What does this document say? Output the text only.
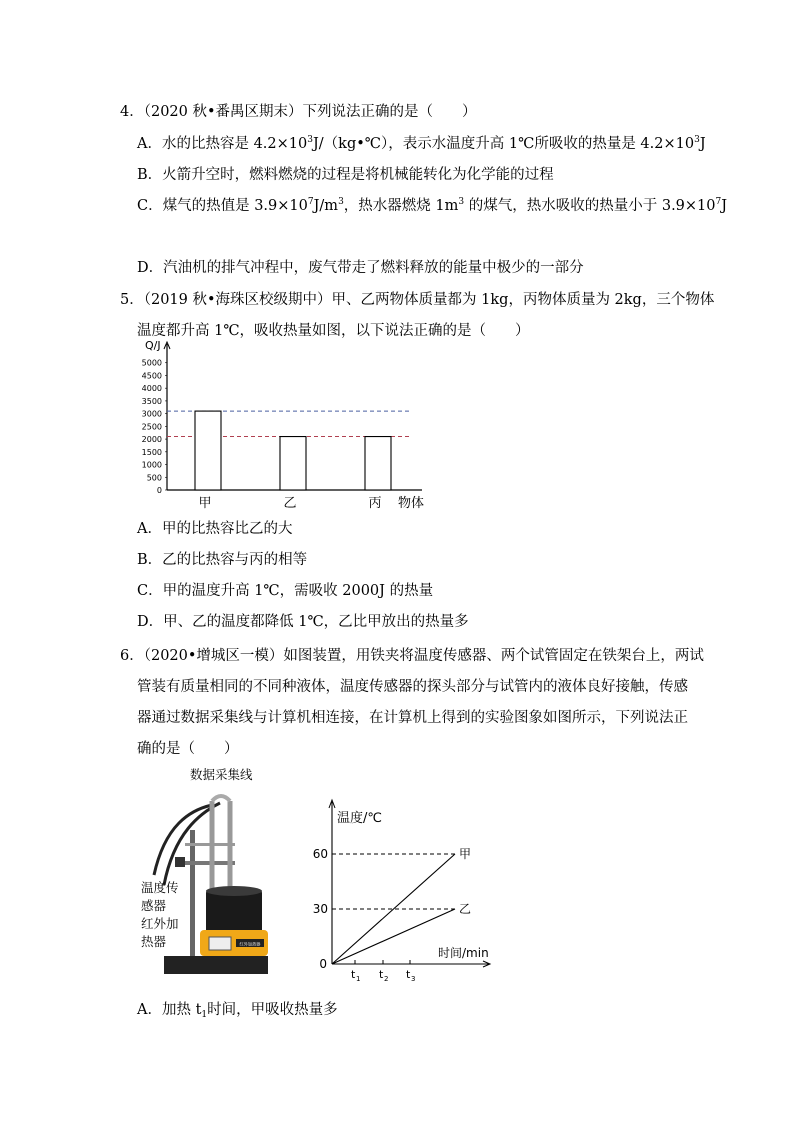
4．（2020 秋•番禺区期末）下列说法正确的是（　　）
A．水的比热容是 $4.2\times 10^3J/(kg•℃)$，表示水温度升高 1℃所吸收的热量是 $4.2\times 10^3J$
B．火箭升空时，燃料燃烧的过程是将机械能转化为化学能的过程
C．煤气的热值是 $3.9\times 10^7J/m^3$，热水器燃烧 $1m^3$ 的煤气，热水吸收的热量小于 $3.9\times 10^7J$
D．汽油机的排气冲程中，废气带走了燃料释放的能量中极少的一部分
5．（2019 秋•海珠区校级期中）甲、乙两物体质量都为 1kg，丙物体质量为 2kg，三个物体
温度都升高 1℃，吸收热量如图，以下说法正确的是（　　）
Q/J
0
500
1000
1500
2000
2500
3000
3500
4000
4500
5000
甲	乙	丙 物体
A．甲的比热容比乙的大
B．乙的比热容与丙的相等
C．甲的温度升高 1℃，需吸收 2000J 的热量
D．甲、乙的温度都降低 1℃，乙比甲放出的热量多
6．（2020•增城区一模）如图装置，用铁夹将温度传感器、两个试管固定在铁架台上，两试
管装有质量相同的不同种液体，温度传感器的探头部分与试管内的液体良好接触，传感
器通过数据采集线与计算机相连接，在计算机上得到的实验图象如图所示，下列说法正
确的是（　　）
红外加热器
数据采集线
温度传
感器
红外加
热器
温度/℃
时间/min
0
30
60
t 1 t 2 t 3
甲
乙
A．加热 $t_1$时间，甲吸收热量多
